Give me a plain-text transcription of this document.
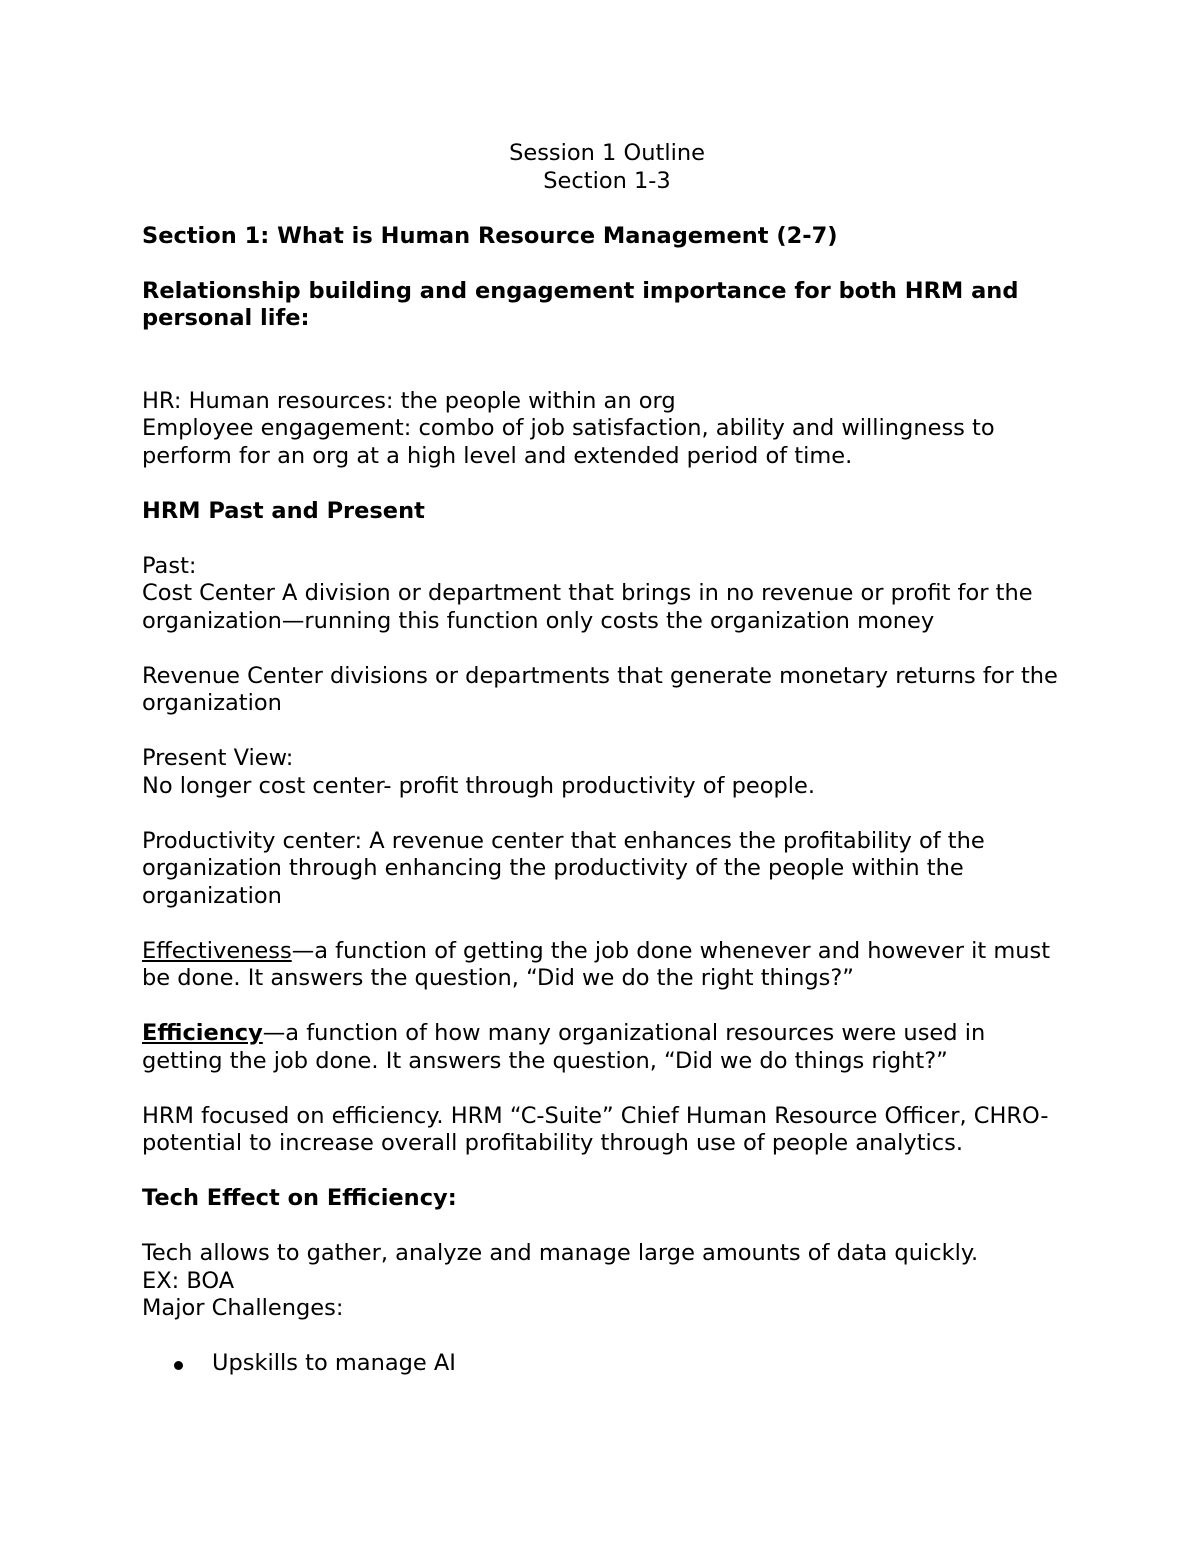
Session 1 Outline

Section 1-3

Section 1: What is Human Resource Management (2-7)

Relationship building and engagement importance for both HRM and personal life:

HR: Human resources: the people within an org

Employee engagement: combo of job satisfaction, ability and willingness to perform for an org at a high level and extended period of time.

HRM Past and Present

Past:

Cost Center A division or department that brings in no revenue or profit for the organization—running this function only costs the organization money

Revenue Center divisions or departments that generate monetary returns for the organization

Present View:

No longer cost center- profit through productivity of people.

Productivity center: A revenue center that enhances the profitability of the organization through enhancing the productivity of the people within the organization

Effectiveness—a function of getting the job done whenever and however it must be done. It answers the question, “Did we do the right things?”

Efficiency—a function of how many organizational resources were used in getting the job done. It answers the question, “Did we do things right?”

HRM focused on efficiency. HRM “C-Suite” Chief Human Resource Officer, CHRO- potential to increase overall profitability through use of people analytics.

Tech Effect on Efficiency:

Tech allows to gather, analyze and manage large amounts of data quickly.

EX: BOA

Major Challenges:

Upskills to manage AI
